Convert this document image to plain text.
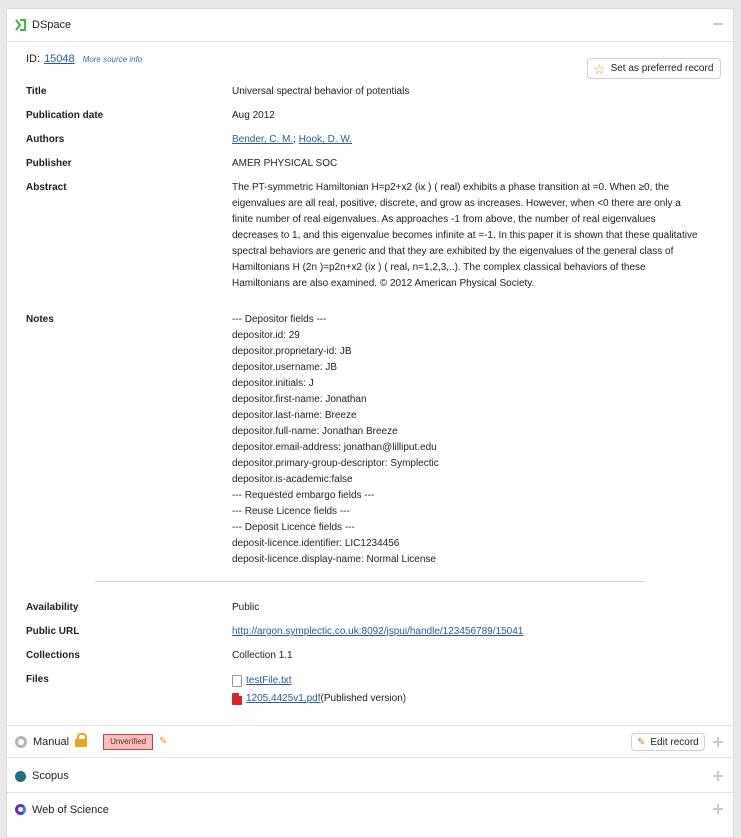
DSpace
ID: 15048 More source info
☆ Set as preferred record
Title	Universal spectral behavior of potentials
Publication date	Aug 2012
Authors	Bender, C. M.; Hook, D. W.
Publisher	AMER PHYSICAL SOC
Abstract	The PT-symmetric Hamiltonian H=p2+x2 (ix ) ( real) exhibits a phase transition at =0. When ≥0, the eigenvalues are all real, positive, discrete, and grow as increases. However, when <0 there are only a finite number of real eigenvalues. As approaches -1 from above, the number of real eigenvalues decreases to 1, and this eigenvalue becomes infinite at =-1. In this paper it is shown that these qualitative spectral behaviors are generic and that they are exhibited by the eigenvalues of the general class of Hamiltonians H (2n )=p2n+x2 (ix ) ( real, n=1,2,3,..). The complex classical behaviors of these Hamiltonians are also examined. © 2012 American Physical Society.
Notes	--- Depositor fields ---
depositor.id: 29
depositor.proprietary-id: JB
depositor.username: JB
depositor.initials: J
depositor.first-name: Jonathan
depositor.last-name: Breeze
depositor.full-name: Jonathan Breeze
depositor.email-address: jonathan@lilliput.edu
depositor.primary-group-descriptor: Symplectic
depositor.is-academic:false
--- Requested embargo fields ---
--- Reuse Licence fields ---
--- Deposit Licence fields ---
deposit-licence.identifier: LIC1234456
deposit-licence.display-name: Normal License
Availability	Public
Public URL	http://argon.symplectic.co.uk:8092/jspui/handle/123456789/15041
Collections	Collection 1.1
Files	testFile.txt
1205.4425v1.pdf (Published version)
Manual	Unverified	✎	✎ Edit record
Scopus
Web of Science
